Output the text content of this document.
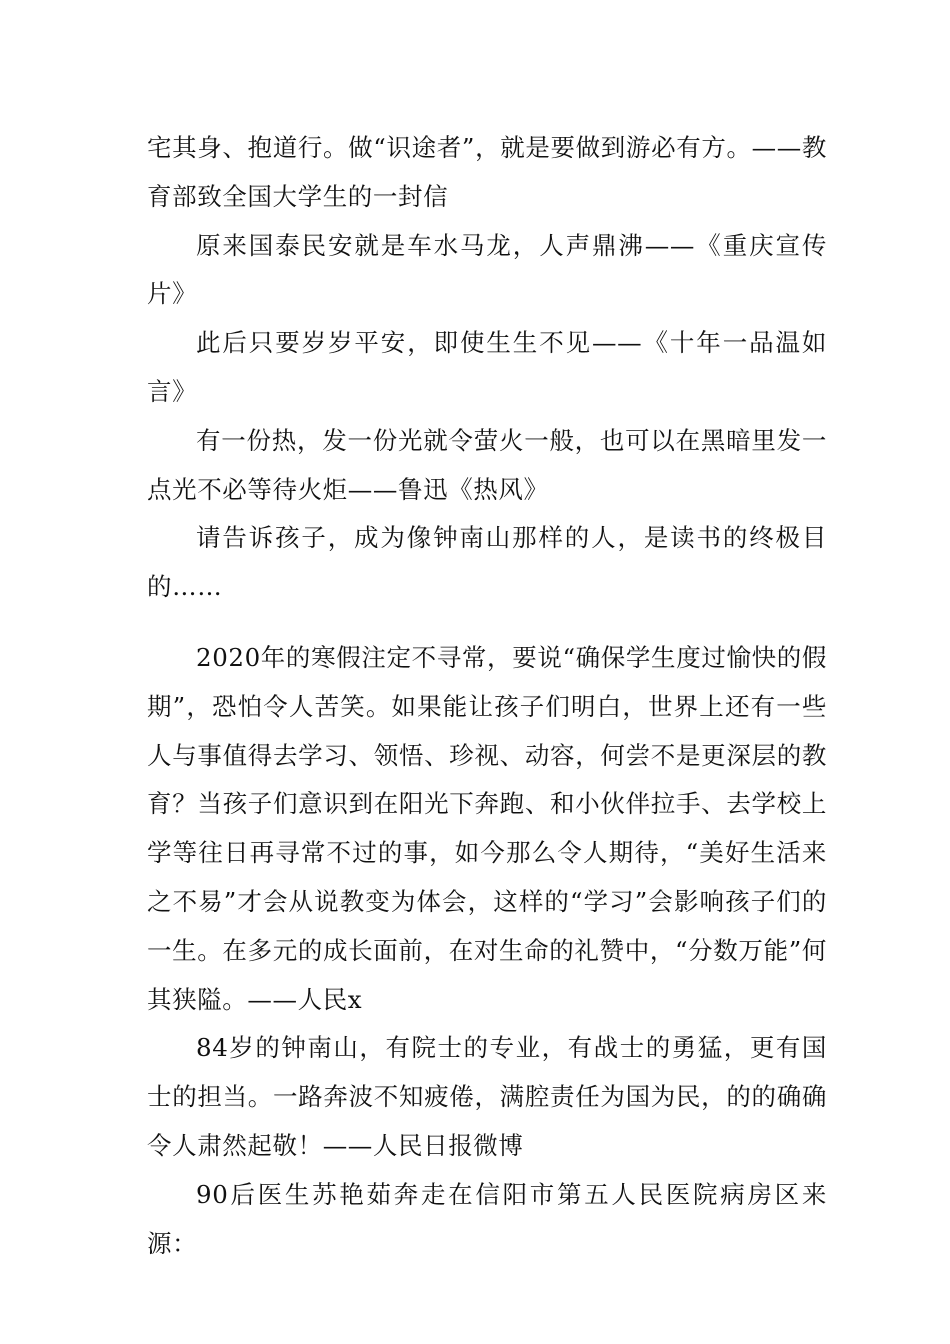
宅其身、抱道行。做“识途者”，就是要做到游必有方。——教育部致全国大学生的一封信

原来国泰民安就是车水马龙，人声鼎沸——《重庆宣传片》

此后只要岁岁平安，即使生生不见——《十年一品温如言》

有一份热，发一份光就令萤火一般，也可以在黑暗里发一点光不必等待火炬——鲁迅《热风》

请告诉孩子，成为像钟南山那样的人，是读书的终极目的……

2020年的寒假注定不寻常，要说“确保学生度过愉快的假期”，恐怕令人苦笑。如果能让孩子们明白，世界上还有一些人与事值得去学习、领悟、珍视、动容，何尝不是更深层的教育？当孩子们意识到在阳光下奔跑、和小伙伴拉手、去学校上学等往日再寻常不过的事，如今那么令人期待，“美好生活来之不易”才会从说教变为体会，这样的“学习”会影响孩子们的一生。在多元的成长面前，在对生命的礼赞中，“分数万能”何其狭隘。——人民x

84岁的钟南山，有院士的专业，有战士的勇猛，更有国士的担当。一路奔波不知疲倦，满腔责任为国为民，的的确确令人肃然起敬！——人民日报微博

90后医生苏艳茹奔走在信阳市第五人民医院病房区来源：
